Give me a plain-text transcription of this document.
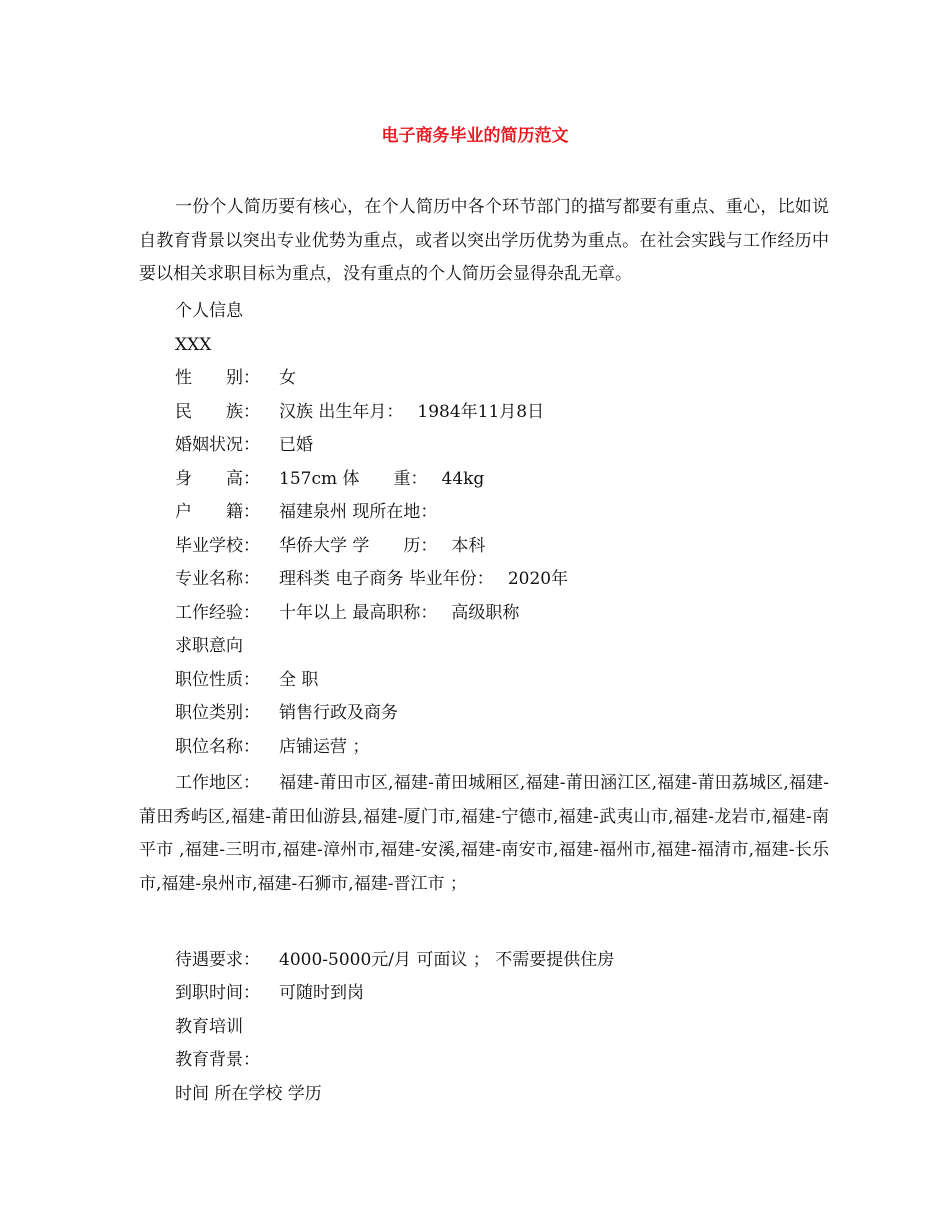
电子商务毕业的简历范文

一份个人简历要有核心，在个人简历中各个环节部门的描写都要有重点、重心，比如说自教育背景以突出专业优势为重点，或者以突出学历优势为重点。在社会实践与工作经历中要以相关求职目标为重点，没有重点的个人简历会显得杂乱无章。

个人信息
XXX
性　　别： 女
民　　族： 汉族 出生年月： 1984年11月8日
婚姻状况： 已婚
身　　高： 157cm 体　　重： 44kg
户　　籍： 福建泉州 现所在地：
毕业学校： 华侨大学 学　　历： 本科
专业名称： 理科类 电子商务 毕业年份： 2020年
工作经验： 十年以上 最高职称： 高级职称
求职意向
职位性质： 全 职
职位类别： 销售行政及商务
职位名称： 店铺运营 ；

工作地区： 福建-莆田市区,福建-莆田城厢区,福建-莆田涵江区,福建-莆田荔城区,福建-莆田秀屿区,福建-莆田仙游县,福建-厦门市,福建-宁德市,福建-武夷山市,福建-龙岩市,福建-南平市 ,福建-三明市,福建-漳州市,福建-安溪,福建-南安市,福建-福州市,福建-福清市,福建-长乐市,福建-泉州市,福建-石狮市,福建-晋江市 ；

待遇要求： 4000-5000元/月 可面议 ； 不需要提供住房
到职时间： 可随时到岗
教育培训
教育背景：
时间 所在学校 学历
